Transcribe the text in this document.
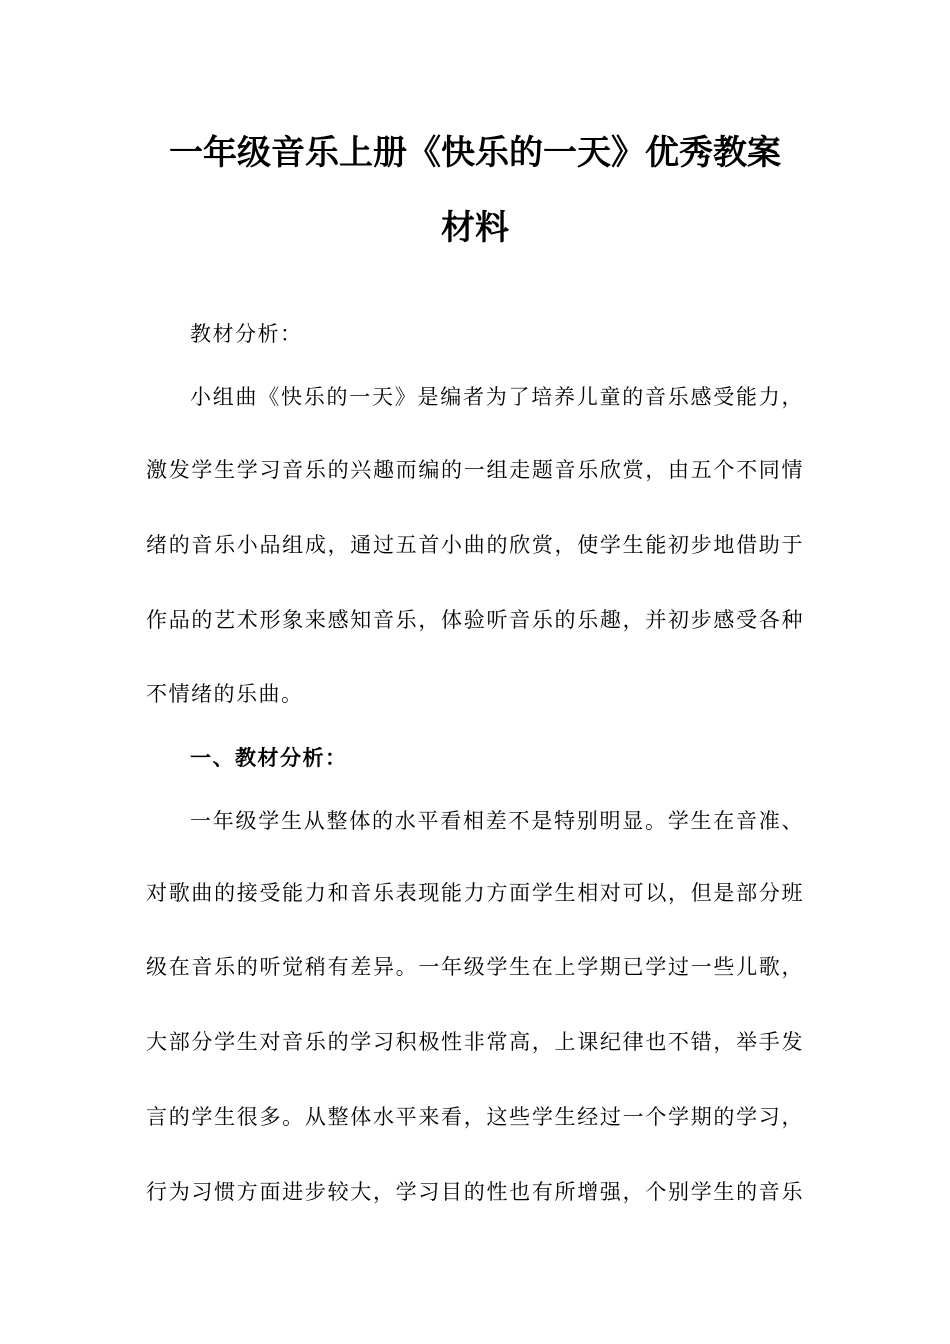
一年级音乐上册《快乐的一天》优秀教案
材料
教材分析：
小组曲《快乐的一天》是编者为了培养儿童的音乐感受能力，
激发学生学习音乐的兴趣而编的一组走题音乐欣赏，由五个不同情
绪的音乐小品组成，通过五首小曲的欣赏，使学生能初步地借助于
作品的艺术形象来感知音乐，体验听音乐的乐趣，并初步感受各种
不情绪的乐曲。
一、教材分析：
一年级学生从整体的水平看相差不是特别明显。学生在音准、
对歌曲的接受能力和音乐表现能力方面学生相对可以，但是部分班
级在音乐的听觉稍有差异。一年级学生在上学期已学过一些儿歌，
大部分学生对音乐的学习积极性非常高，上课纪律也不错，举手发
言的学生很多。从整体水平来看，这些学生经过一个学期的学习，
行为习惯方面进步较大，学习目的性也有所增强，个别学生的音乐
